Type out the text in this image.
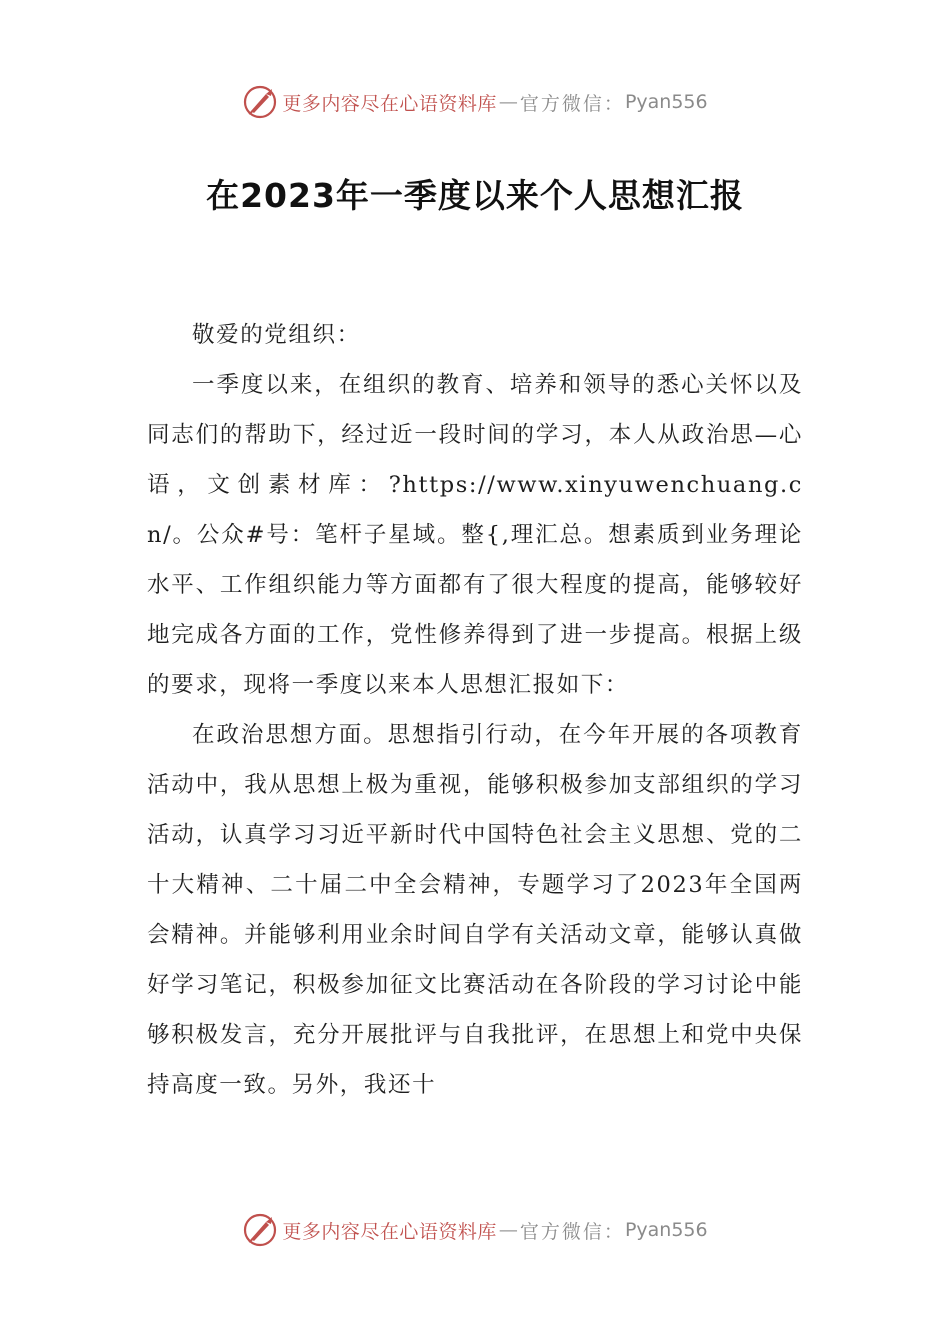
更多内容尽在心语资料库 — 官方微信： Pyan556
在2023年一季度以来个人思想汇报

敬爱的党组织：

一季度以来，在组织的教育、培养和领导的悉心关怀以及同志们的帮助下，经过近一段时间的学习，本人从政治思—心语，文创素材库：?https://www.xinyuwenchuang.cn/。公众#号：笔杆子星域。整{,理汇总。想素质到业务理论水平、工作组织能力等方面都有了很大程度的提高，能够较好地完成各方面的工作，党性修养得到了进一步提高。根据上级的要求，现将一季度以来本人思想汇报如下：

在政治思想方面。思想指引行动，在今年开展的各项教育活动中，我从思想上极为重视，能够积极参加支部组织的学习活动，认真学习习近平新时代中国特色社会主义思想、党的二十大精神、二十届二中全会精神，专题学习了2023年全国两会精神。并能够利用业余时间自学有关活动文章，能够认真做好学习笔记，积极参加征文比赛活动在各阶段的学习讨论中能够积极发言，充分开展批评与自我批评，在思想上和党中央保持高度一致。另外，我还十

更多内容尽在心语资料库 — 官方微信： Pyan556
